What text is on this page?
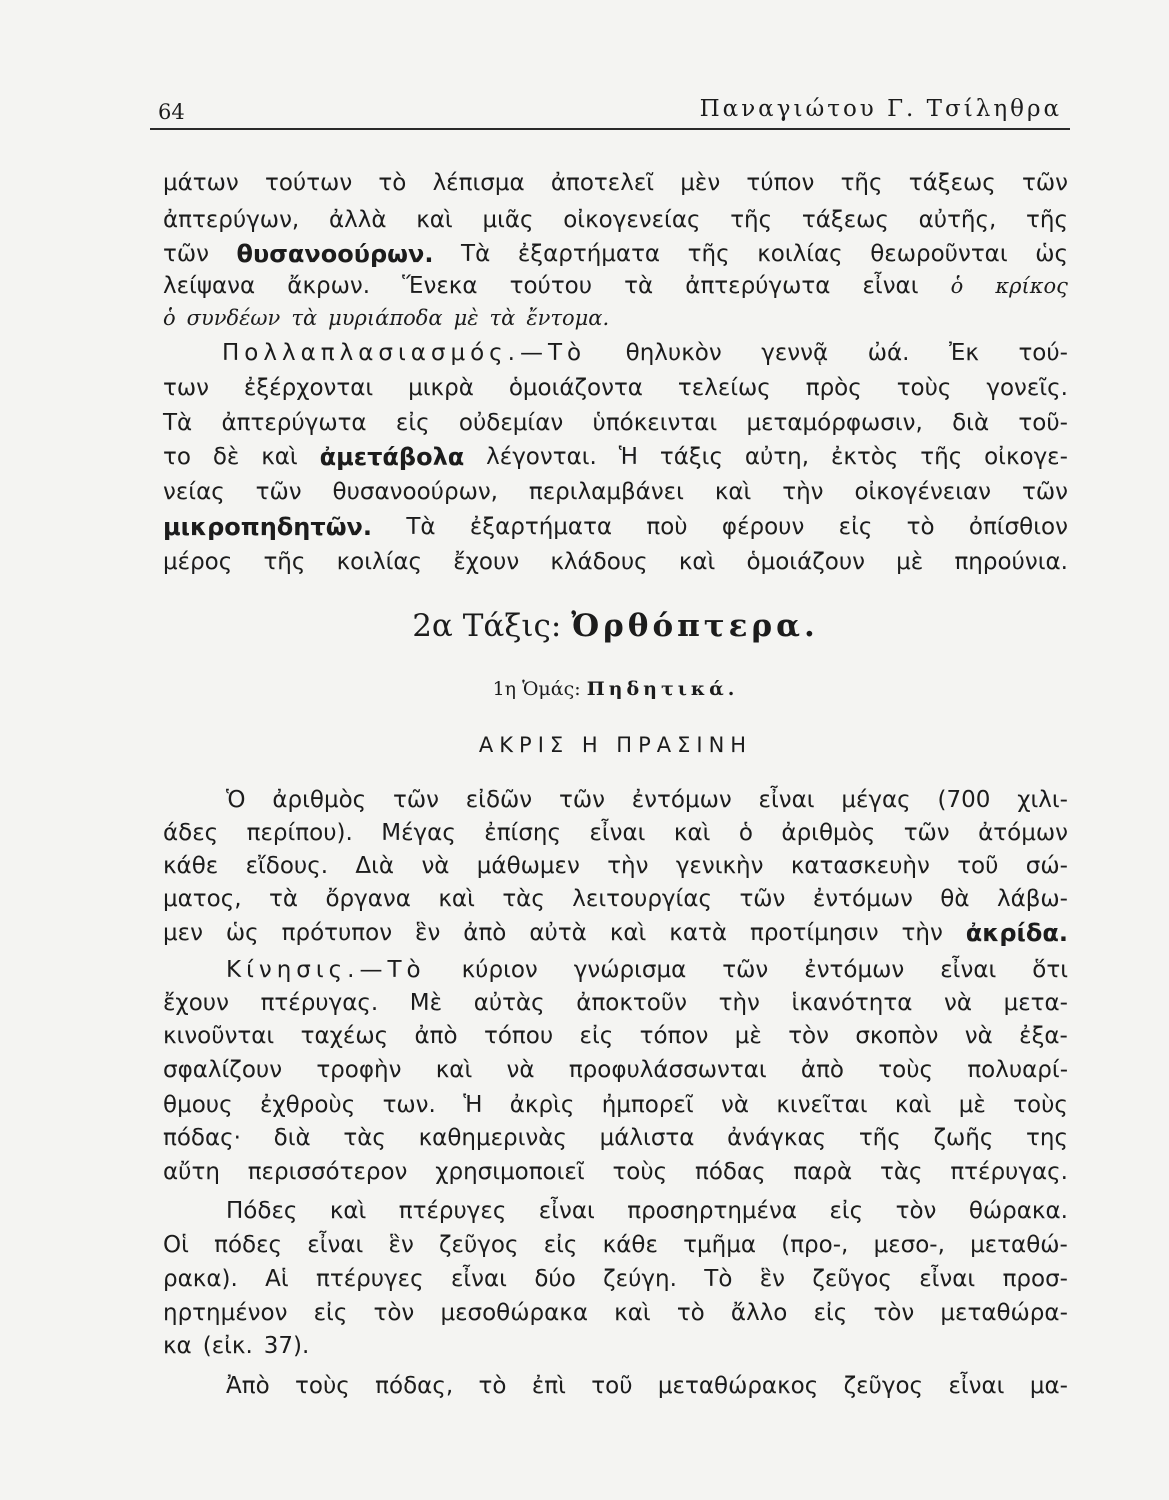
64	Παναγιώτου Γ. Τσίληθρα
μάτων τούτων τὸ λέπισμα ἀποτελεῖ μὲν τύπον τῆς τάξεως τῶν
ἀπτερύγων, ἀλλὰ καὶ μιᾶς οἰκογενείας τῆς τάξεως αὐτῆς, τῆς
τῶν θυσανοούρων. Τὰ ἐξαρτήματα τῆς κοιλίας θεωροῦνται ὡς
λείψανα ἄκρων. Ἕνεκα τούτου τὰ ἀπτερύγωτα εἶναι ὁ κρίκος
ὁ συνδέων τὰ μυριάποδα μὲ τὰ ἔντομα.
Πολλαπλασιασμός.—Τὸ θηλυκὸν γεννᾷ ὠά. Ἐκ τού-
των ἐξέρχονται μικρὰ ὁμοιάζοντα τελείως πρὸς τοὺς γονεῖς.
Τὰ ἀπτερύγωτα εἰς οὐδεμίαν ὑπόκεινται μεταμόρφωσιν, διὰ τοῦ-
το δὲ καὶ ἀμετάβολα λέγονται. Ἡ τάξις αὐτη, ἐκτὸς τῆς οἰκογε-
νείας τῶν θυσανοούρων, περιλαμβάνει καὶ τὴν οἰκογένειαν τῶν
μικροπηδητῶν. Τὰ ἐξαρτήματα ποὺ φέρουν εἰς τὸ ὀπίσθιον
μέρος τῆς κοιλίας ἔχουν κλάδους καὶ ὁμοιάζουν μὲ πηρούνια.
2α Τάξις: Ὀρθόπτερα.
1η Ὁμάς: Πηδητικά.
ΑΚΡΙΣ Η ΠΡΑΣΙΝΗ
Ὁ ἀριθμὸς τῶν εἰδῶν τῶν ἐντόμων εἶναι μέγας (700 χιλι-
άδες περίπου). Μέγας ἐπίσης εἶναι καὶ ὁ ἀριθμὸς τῶν ἀτόμων
κάθε εἴδους. Διὰ νὰ μάθωμεν τὴν γενικὴν κατασκευὴν τοῦ σώ-
ματος, τὰ ὄργανα καὶ τὰς λειτουργίας τῶν ἐντόμων θὰ λάβω-
μεν ὡς πρότυπον ἓν ἀπὸ αὐτὰ καὶ κατὰ προτίμησιν τὴν ἀκρίδα.
Κίνησις.—Τὸ κύριον γνώρισμα τῶν ἐντόμων εἶναι ὅτι
ἔχουν πτέρυγας. Μὲ αὐτὰς ἀποκτοῦν τὴν ἱκανότητα νὰ μετα-
κινοῦνται ταχέως ἀπὸ τόπου εἰς τόπον μὲ τὸν σκοπὸν νὰ ἐξα-
σφαλίζουν τροφὴν καὶ νὰ προφυλάσσωνται ἀπὸ τοὺς πολυαρί-
θμους ἐχθροὺς των. Ἡ ἀκρὶς ἠμπορεῖ νὰ κινεῖται καὶ μὲ τοὺς
πόδας· διὰ τὰς καθημερινὰς μάλιστα ἀνάγκας τῆς ζωῆς της
αὔτη περισσότερον χρησιμοποιεῖ τοὺς πόδας παρὰ τὰς πτέρυγας.
Πόδες καὶ πτέρυγες εἶναι προσηρτημένα εἰς τὸν θώρακα.
Οἱ πόδες εἶναι ἓν ζεῦγος εἰς κάθε τμῆμα (προ-, μεσο-, μεταθώ-
ρακα). Αἱ πτέρυγες εἶναι δύο ζεύγη. Τὸ ἓν ζεῦγος εἶναι προσ-
ηρτημένον εἰς τὸν μεσοθώρακα καὶ τὸ ἄλλο εἰς τὸν μεταθώρα-
κα (εἰκ. 37).
Ἀπὸ τοὺς πόδας, τὸ ἐπὶ τοῦ μεταθώρακος ζεῦγος εἶναι μα-
